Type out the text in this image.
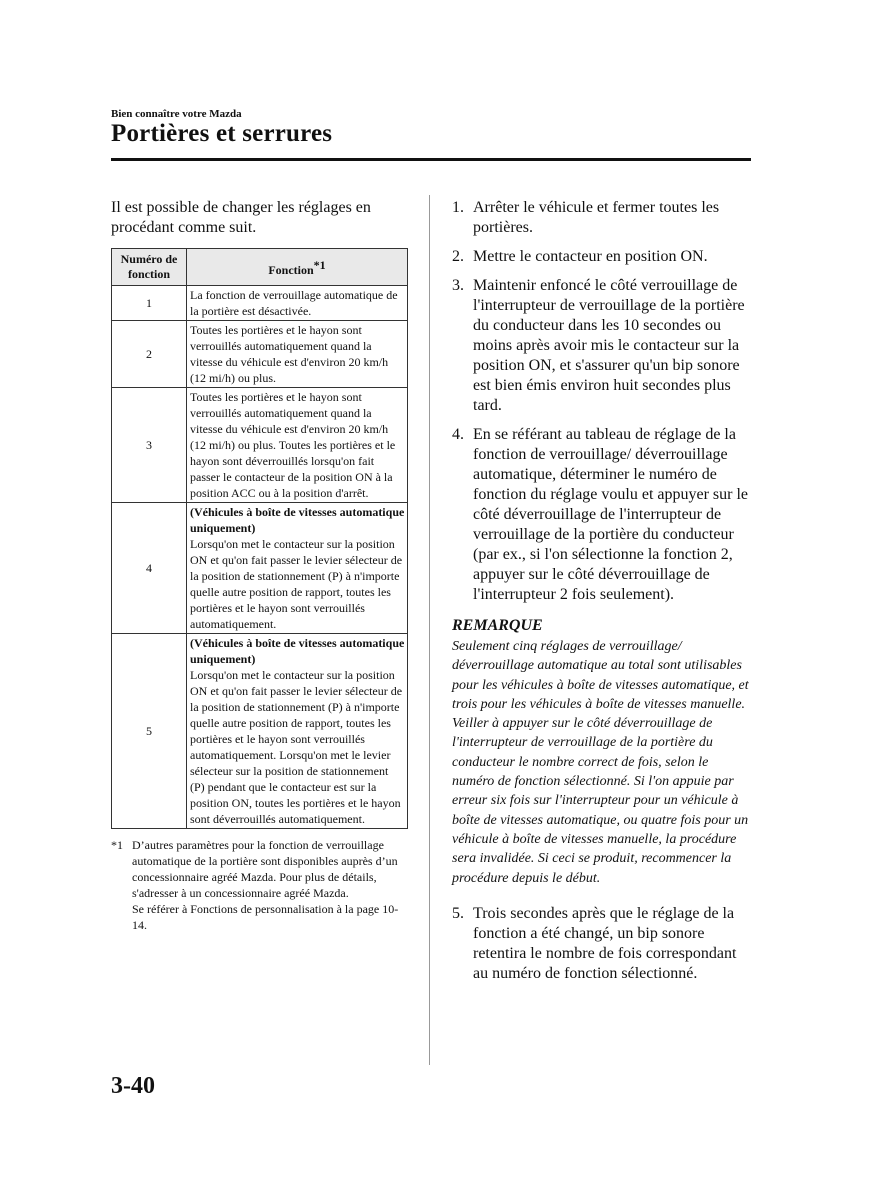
Bien connaître votre Mazda

Portières et serrures

Il est possible de changer les réglages en procédant comme suit.

Numéro de fonction	Fonction$^{*1}$
1	La fonction de verrouillage automatique de la portière est désactivée.
2	Toutes les portières et le hayon sont verrouillés automatiquement quand la vitesse du véhicule est d'environ 20 km/h (12 mi/h) ou plus.
3	Toutes les portières et le hayon sont verrouillés automatiquement quand la vitesse du véhicule est d'environ 20 km/h (12 mi/h) ou plus. Toutes les portières et le hayon sont déverrouillés lorsqu'on fait passer le contacteur de la position ON à la position ACC ou à la position d'arrêt.
4	(Véhicules à boîte de vitesses automatique uniquement)
Lorsqu'on met le contacteur sur la position ON et qu'on fait passer le levier sélecteur de la position de stationnement (P) à n'importe quelle autre position de rapport, toutes les portières et le hayon sont verrouillés automatiquement.
5	(Véhicules à boîte de vitesses automatique uniquement)
Lorsqu'on met le contacteur sur la position ON et qu'on fait passer le levier sélecteur de la position de stationnement (P) à n'importe quelle autre position de rapport, toutes les portières et le hayon sont verrouillés automatiquement. Lorsqu'on met le levier sélecteur sur la position de stationnement (P) pendant que le contacteur est sur la position ON, toutes les portières et le hayon sont déverrouillés automatiquement.
*1 D’autres paramètres pour la fonction de verrouillage automatique de la portière sont disponibles auprès d’un concessionnaire agréé Mazda. Pour plus de détails, s'adresser à un concessionnaire agréé Mazda.

Se référer à Fonctions de personnalisation à la page 10-14.

1. Arrêter le véhicule et fermer toutes les portières.
2. Mettre le contacteur en position ON.
3. Maintenir enfoncé le côté verrouillage de l'interrupteur de verrouillage de la portière du conducteur dans les 10 secondes ou moins après avoir mis le contacteur sur la position ON, et s'assurer qu'un bip sonore est bien émis environ huit secondes plus tard.
4. En se référant au tableau de réglage de la fonction de verrouillage/ déverrouillage automatique, déterminer le numéro de fonction du réglage voulu et appuyer sur le côté déverrouillage de l'interrupteur de verrouillage de la portière du conducteur (par ex., si l'on sélectionne la fonction 2, appuyer sur le côté déverrouillage de l'interrupteur 2 fois seulement).

REMARQUE

Seulement cinq réglages de verrouillage/ déverrouillage automatique au total sont utilisables pour les véhicules à boîte de vitesses automatique, et trois pour les véhicules à boîte de vitesses manuelle. Veiller à appuyer sur le côté déverrouillage de l'interrupteur de verrouillage de la portière du conducteur le nombre correct de fois, selon le numéro de fonction sélectionné. Si l'on appuie par erreur six fois sur l'interrupteur pour un véhicule à boîte de vitesses automatique, ou quatre fois pour un véhicule à boîte de vitesses manuelle, la procédure sera invalidée. Si ceci se produit, recommencer la procédure depuis le début.

5. Trois secondes après que le réglage de la fonction a été changé, un bip sonore retentira le nombre de fois correspondant au numéro de fonction sélectionné.

3-40
